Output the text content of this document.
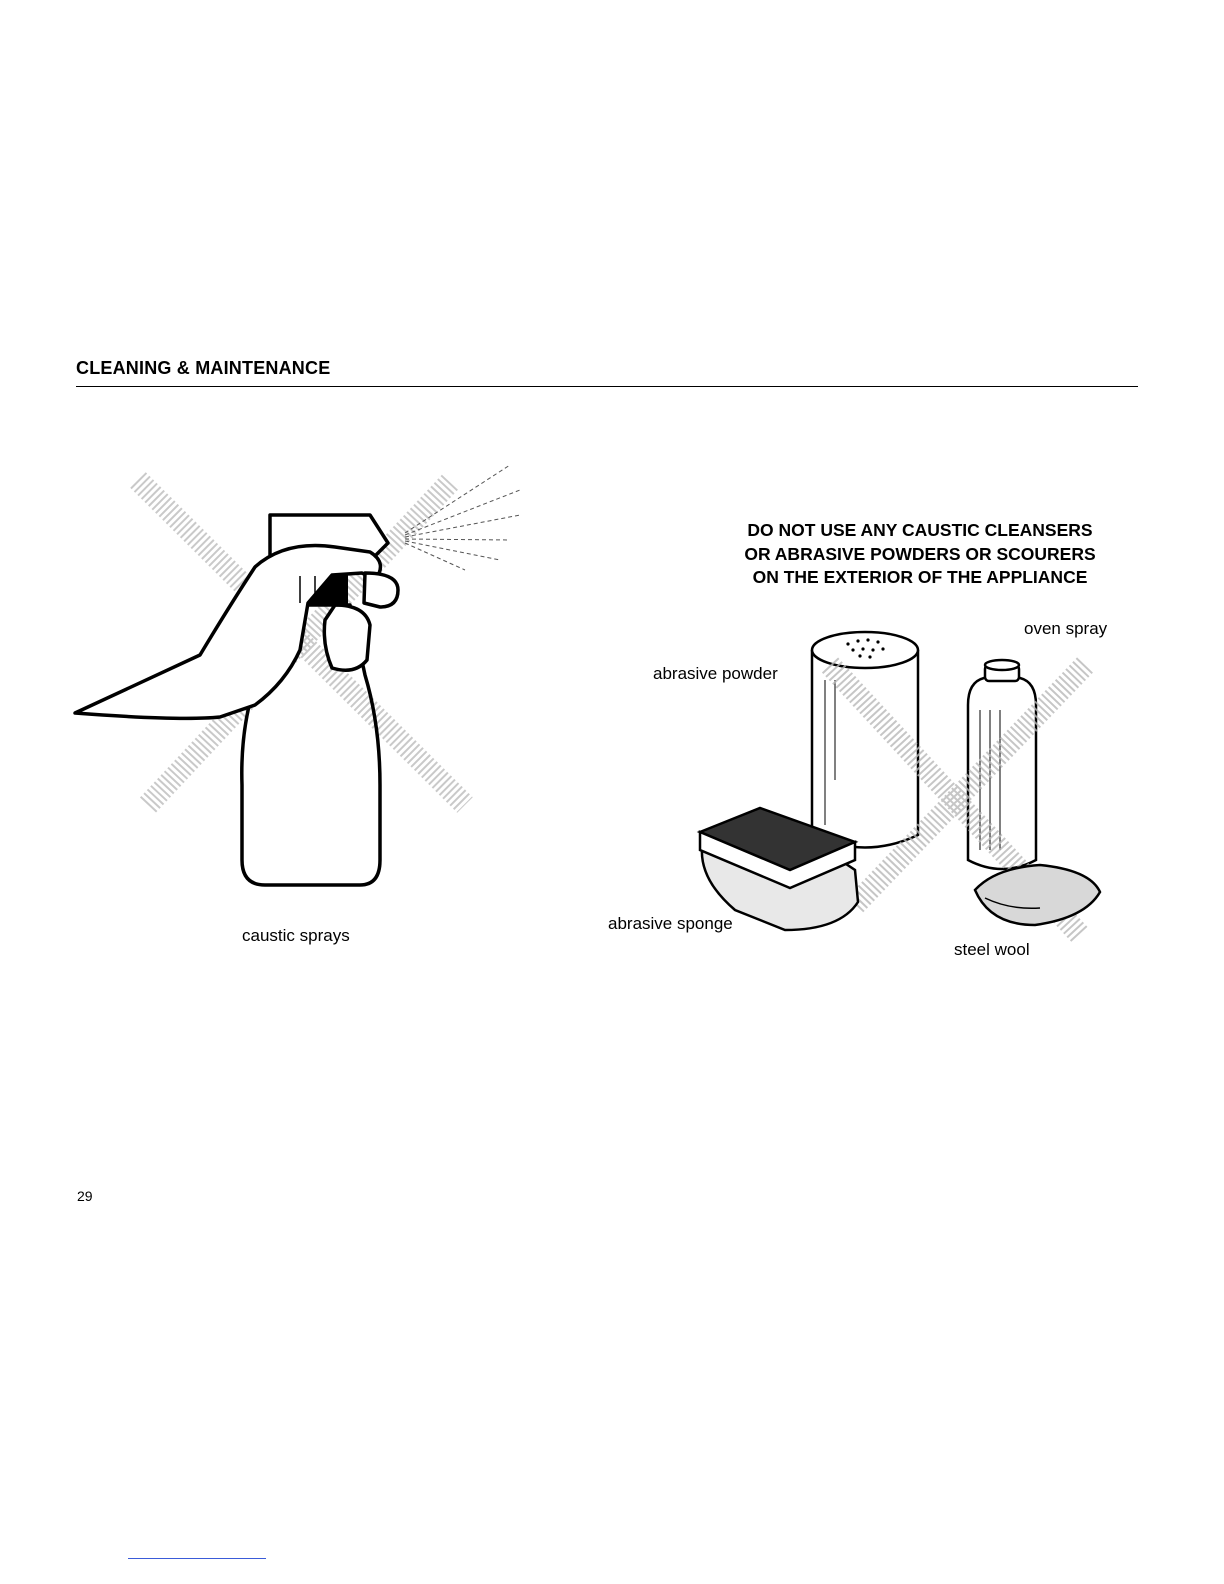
CLEANING & MAINTENANCE
caustic sprays
DO NOT USE ANY CAUSTIC CLEANSERS
OR ABRASIVE POWDERS OR SCOURERS
ON THE EXTERIOR OF THE APPLIANCE
abrasive powder
oven spray
abrasive sponge
steel wool
29
